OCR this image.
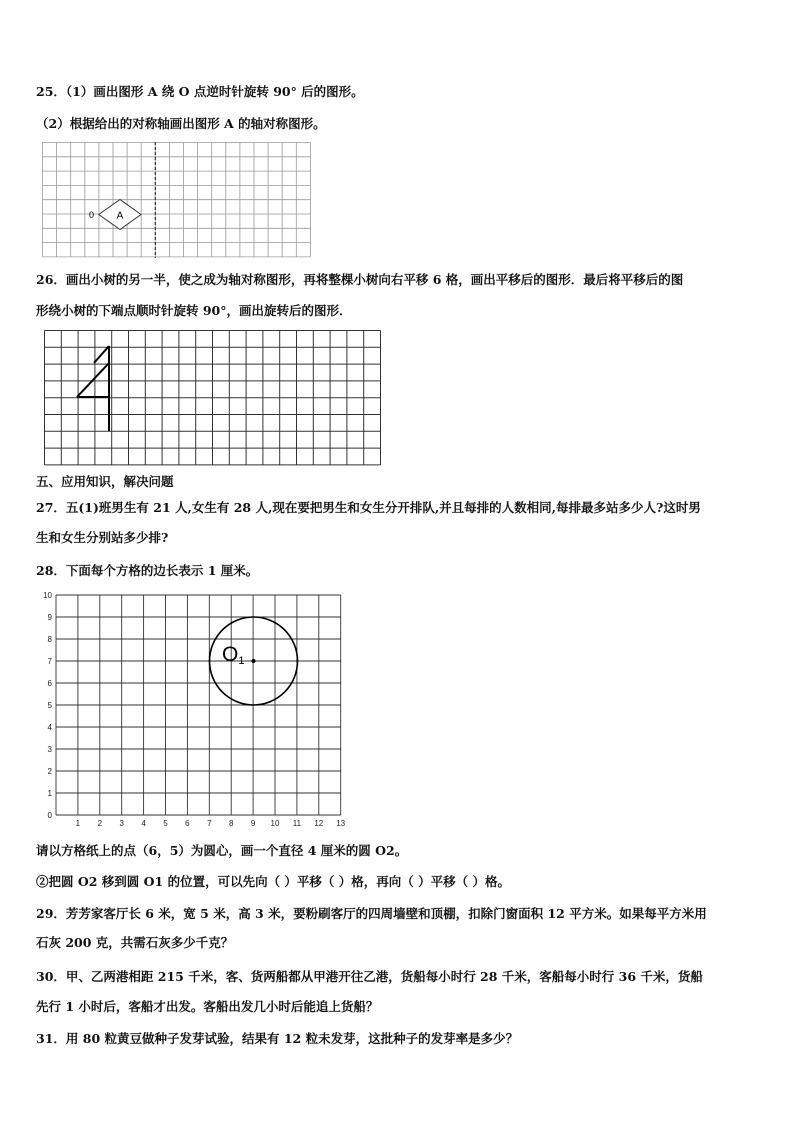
25．（1）画出图形 A 绕 O 点逆时针旋转 90° 后的图形。
（2）根据给出的对称轴画出图形 A 的轴对称图形。
A
0
26．画出小树的另一半，使之成为轴对称图形，再将整棵小树向右平移 6 格，画出平移后的图形．最后将平移后的图
形绕小树的下端点顺时针旋转 90°，画出旋转后的图形．
五、应用知识，解决问题
27．五(1)班男生有 21 人,女生有 28 人,现在要把男生和女生分开排队,并且每排的人数相同,每排最多站多少人?这时男
生和女生分别站多少排?
28．下面每个方格的边长表示 1 厘米。
1 2 3 4 5 6 7 8 9 10 11 12 13
0
1
2
3
4
5
6
7
8
9
10
O1
请以方格纸上的点（6，5）为圆心，画一个直径 4 厘米的圆 O2。
②把圆 O2 移到圆 O1 的位置，可以先向（ ）平移（ ）格，再向（ ）平移（ ）格。
29．芳芳家客厅长 6 米，宽 5 米，高 3 米，要粉刷客厅的四周墙壁和顶棚，扣除门窗面积 12 平方米。如果每平方米用
石灰 200 克，共需石灰多少千克？
30．甲、乙两港相距 215 千米，客、货两船都从甲港开往乙港，货船每小时行 28 千米，客船每小时行 36 千米，货船
先行 1 小时后，客船才出发。客船出发几小时后能追上货船？
31．用 80 粒黄豆做种子发芽试验，结果有 12 粒未发芽，这批种子的发芽率是多少？
